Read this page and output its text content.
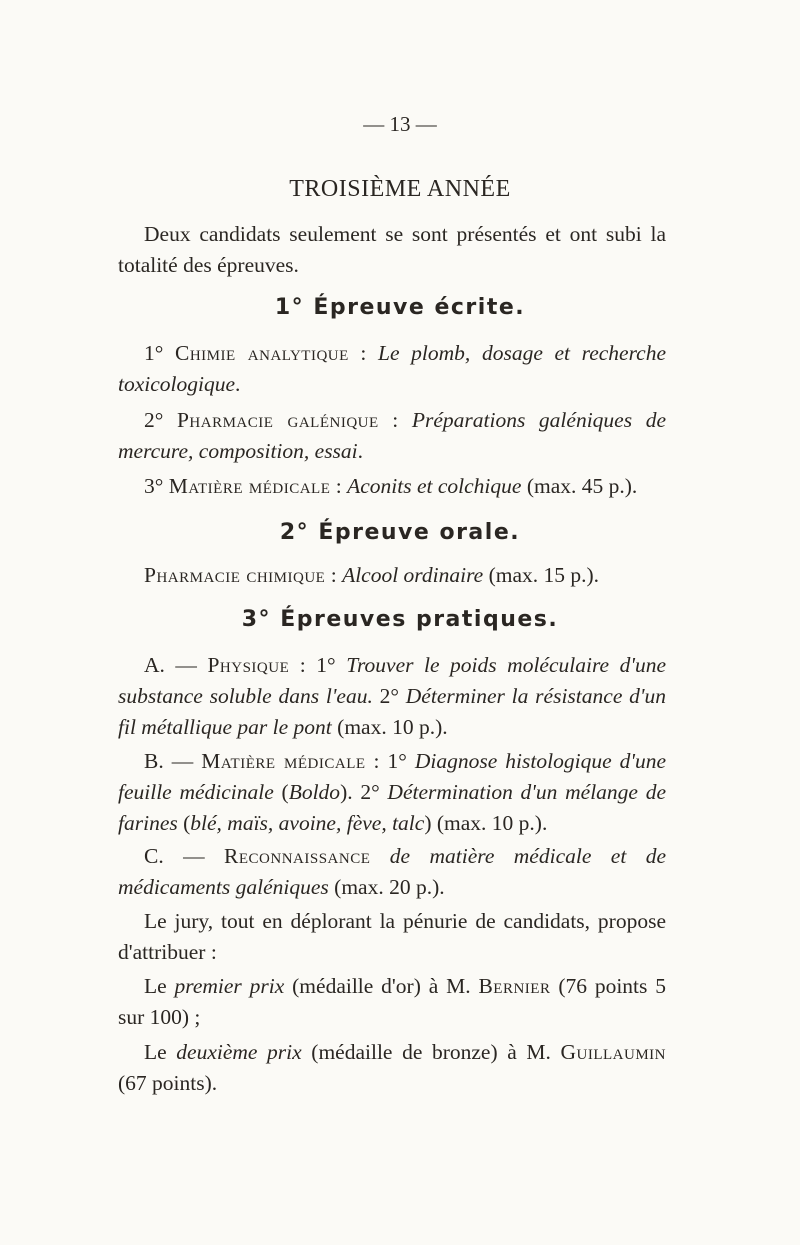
— 13 —
TROISIÈME ANNÉE
Deux candidats seulement se sont présentés et ont subi la totalité des épreuves.
1° Épreuve écrite.
1° Chimie analytique : Le plomb, dosage et recherche toxicologique.
2° Pharmacie galénique : Préparations galéniques de mercure, composition, essai.
3° Matière médicale : Aconits et colchique (max. 45 p.).
2° Épreuve orale.
Pharmacie chimique : Alcool ordinaire (max. 15 p.).
3° Épreuves pratiques.
A. — Physique : 1° Trouver le poids moléculaire d'une substance soluble dans l'eau. 2° Déterminer la résistance d'un fil métallique par le pont (max. 10 p.).
B. — Matière médicale : 1° Diagnose histologique d'une feuille médicinale (Boldo). 2° Détermination d'un mélange de farines (blé, maïs, avoine, fève, talc) (max. 10 p.).
C. — Reconnaissance de matière médicale et de médicaments galéniques (max. 20 p.).
Le jury, tout en déplorant la pénurie de candidats, propose d'attribuer :
Le premier prix (médaille d'or) à M. Bernier (76 points 5 sur 100) ;
Le deuxième prix (médaille de bronze) à M. Guillaumin (67 points).
